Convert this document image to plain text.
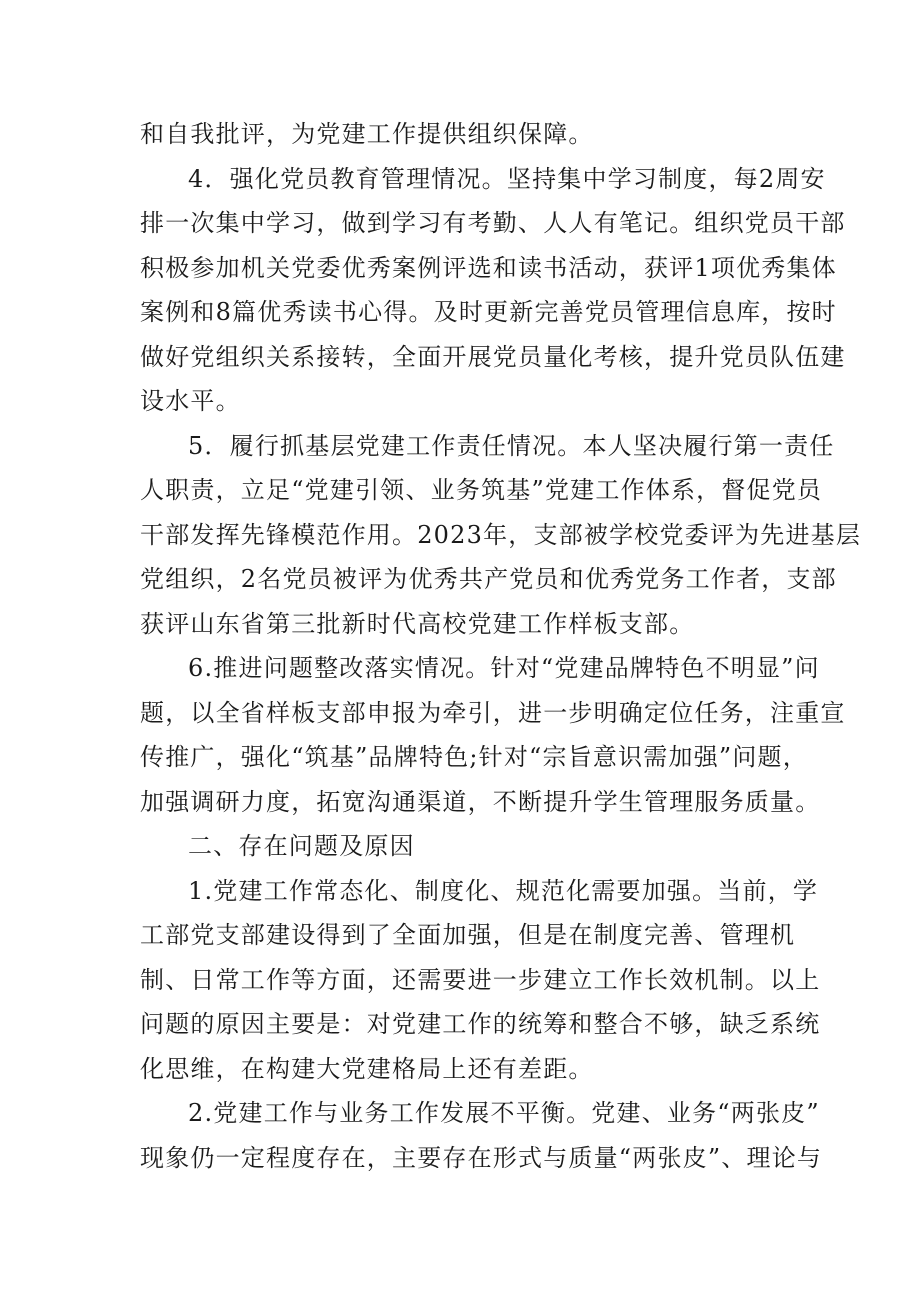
和自我批评，为党建工作提供组织保障。
4．强化党员教育管理情况。坚持集中学习制度，每2周安
排一次集中学习，做到学习有考勤、人人有笔记。组织党员干部
积极参加机关党委优秀案例评选和读书活动，获评1项优秀集体
案例和8篇优秀读书心得。及时更新完善党员管理信息库，按时
做好党组织关系接转，全面开展党员量化考核，提升党员队伍建
设水平。
5．履行抓基层党建工作责任情况。本人坚决履行第一责任
人职责，立足“党建引领、业务筑基”党建工作体系，督促党员
干部发挥先锋模范作用。2023年，支部被学校党委评为先进基层
党组织，2名党员被评为优秀共产党员和优秀党务工作者，支部
获评山东省第三批新时代高校党建工作样板支部。
6.推进问题整改落实情况。针对“党建品牌特色不明显”问
题，以全省样板支部申报为牵引，进一步明确定位任务，注重宣
传推广，强化“筑基”品牌特色;针对“宗旨意识需加强”问题，
加强调研力度，拓宽沟通渠道，不断提升学生管理服务质量。
二、存在问题及原因
1.党建工作常态化、制度化、规范化需要加强。当前，学
工部党支部建设得到了全面加强，但是在制度完善、管理机
制、日常工作等方面，还需要进一步建立工作长效机制。以上
问题的原因主要是：对党建工作的统筹和整合不够，缺乏系统
化思维，在构建大党建格局上还有差距。
2.党建工作与业务工作发展不平衡。党建、业务“两张皮”
现象仍一定程度存在，主要存在形式与质量“两张皮”、理论与
